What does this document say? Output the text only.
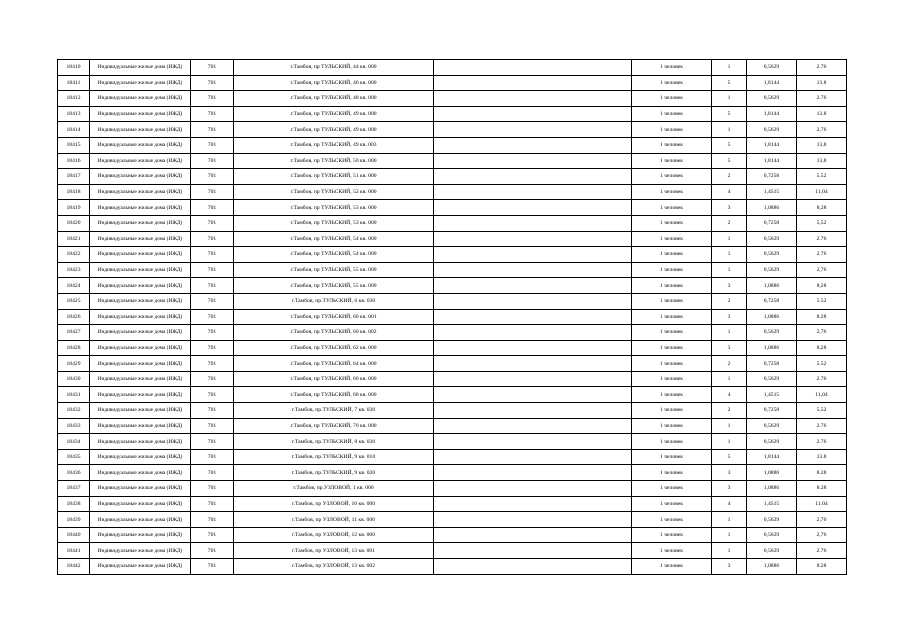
18410	Индивидуальные жилые дома (ИЖД)	701	г.Тамбов, пр ТУЛЬСКИЙ, 44 кв. 000		1 человек	1	0,5629	2.76
18411	Индивидуальные жилые дома (ИЖД)	701	г.Тамбов, пр ТУЛЬСКИЙ, 46 кв. 000		1 человек	5	1,8144	13.8
18412	Индивидуальные жилые дома (ИЖД)	701	г.Тамбов, пр ТУЛЬСКИЙ, 48 кв. 000		1 человек	1	0,5629	2.76
18413	Индивидуальные жилые дома (ИЖД)	701	г.Тамбов, пр ТУЛЬСКИЙ, 49 кв. 000		1 человек	5	1,8144	13.8
18414	Индивидуальные жилые дома (ИЖД)	701	г.Тамбов, пр ТУЛЬСКИЙ, 49 кв. 000		1 человек	1	0,5629	2,76
18415	Индивидуальные жилые дома (ИЖД)	701	г.Тамбов, пр ТУЛЬСКИЙ, 49 кв. 003		1 человек	5	1,8144	13,8
18416	Индивидуальные жилые дома (ИЖД)	701	г.Тамбов, пр ТУЛЬСКИЙ, 50 кв. 000		1 человек	5	1,8144	13,8
18417	Индивидуальные жилые дома (ИЖД)	701	г.Тамбов, пр ТУЛЬСКИЙ, 51 кв. 000		1 человек	2	0,7258	5.52
18418	Индивидуальные жилые дома (ИЖД)	701	г.Тамбов, пр ТУЛЬСКИЙ, 52 кв. 000		1 человек	4	1,4515	11,04
18419	Индивидуальные жилые дома (ИЖД)	701	г.Тамбов, пр ТУЛЬСКИЙ, 53 кв. 000		1 человек	3	1,0886	8,28
18420	Индивидуальные жилые дома (ИЖД)	701	г.Тамбов, пр ТУЛЬСКИЙ, 53 кв. 000		1 человек	2	0,7258	5,52
18421	Индивидуальные жилые дома (ИЖД)	701	г.Тамбов, пр ТУЛЬСКИЙ, 54 кв. 000		1 человек	1	0,5629	2.76
18422	Индивидуальные жилые дома (ИЖД)	701	г.Тамбов, пр ТУЛЬСКИЙ, 54 кв. 000		1 человек	1	0,5629	2.76
18423	Индивидуальные жилые дома (ИЖД)	701	г.Тамбов, пр ТУЛЬСКИЙ, 55 кв. 000		1 человек	1	0,5629	2,76
18424	Индивидуальные жилые дома (ИЖД)	701	г.Тамбов, пр ТУЛЬСКИЙ, 55 кв. 000		1 человек	3	1,0886	8,28
18425	Индивидуальные жилые дома (ИЖД)	701	г.Тамбов, пр.ТУЛЬСКИЙ, 6 кв. 030		1 человек	2	0,7258	5.52
18426	Индивидуальные жилые дома (ИЖД)	701	г.Тамбов, пр ТУЛЬСКИЙ, 60 кв. 001		1 человек	3	1,0886	8.28
18427	Индивидуальные жилые дома (ИЖД)	701	г.Тамбов, пр ТУЛЬСКИЙ, 60 кв. 002		1 человек	1	0,5629	2,76
18428	Индивидуальные жилые дома (ИЖД)	701	г.Тамбов, пр ТУЛЬСКИЙ, 62 кв. 000		1 человек	3	1,0886	8,28
18429	Индивидуальные жилые дома (ИЖД)	701	г.Тамбов, пр ТУЛЬСКИЙ, 64 кв. 000		1 человек	2	0,7258	5.52
18430	Индивидуальные жилые дома (ИЖД)	701	г.Тамбов, пр ТУЛЬСКИЙ, 66 кв. 000		1 человек	1	0,5629	2.76
18431	Индивидуальные жилые дома (ИЖД)	701	г.Тамбов, пр ТУЛЬСКИЙ, 68 кв. 000		1 человек	4	1,4515	11,04
18432	Индивидуальные жилые дома (ИЖД)	701	г.Тамбов, пр.ТУЛЬСКИЙ, 7 кв. 030		1 человек	2	0,7258	5,52
18433	Индивидуальные жилые дома (ИЖД)	701	г.Тамбов, пр ТУЛЬСКИЙ, 70 кв. 000		1 человек	1	0,5629	2.76
18434	Индивидуальные жилые дома (ИЖД)	701	г.Тамбов, пр.ТУЛЬСКИЙ, 8 кв. 030		1 человек	1	0,5629	2.76
18435	Индивидуальные жилые дома (ИЖД)	701	г.Тамбов, пр.ТУЛЬСКИЙ, 9 кв. 010		1 человек	5	1,8144	13.8
18436	Индивидуальные жилые дома (ИЖД)	701	г.Тамбов, пр.ТУЛЬСКИЙ, 9 кв. 020		1 человек	3	1,0886	8.28
18437	Индивидуальные жилые дома (ИЖД)	701	г.Тамбов, пр.УЗЛОВОЙ, 1 кв. 000		1 человек	3	1,0886	8.28
18438	Индивидуальные жилые дома (ИЖД)	701	г.Тамбов, пр УЗЛОВОЙ, 10 кв. 000		1 человек	4	1,4515	11.04
18439	Индивидуальные жилые дома (ИЖД)	701	г.Тамбов, пр УЗЛОВОЙ, 11 кв. 000		1 человек	1	0,5629	2,76
18440	Индивидуальные жилые дома (ИЖД)	701	г.Тамбов, пр УЗЛОВОЙ, 12 кв. 000		1 человек	1	0,5629	2,76
18441	Индивидуальные жилые дома (ИЖД)	701	г.Тамбов, пр УЗЛОВОЙ, 13 кв. 001		1 человек	1	0,5629	2.76
18442	Индивидуальные жилые дома (ИЖД)	701	г.Тамбов, пр УЗЛОВОЙ, 13 кв. 002		1 человек	3	1,0886	8.28
